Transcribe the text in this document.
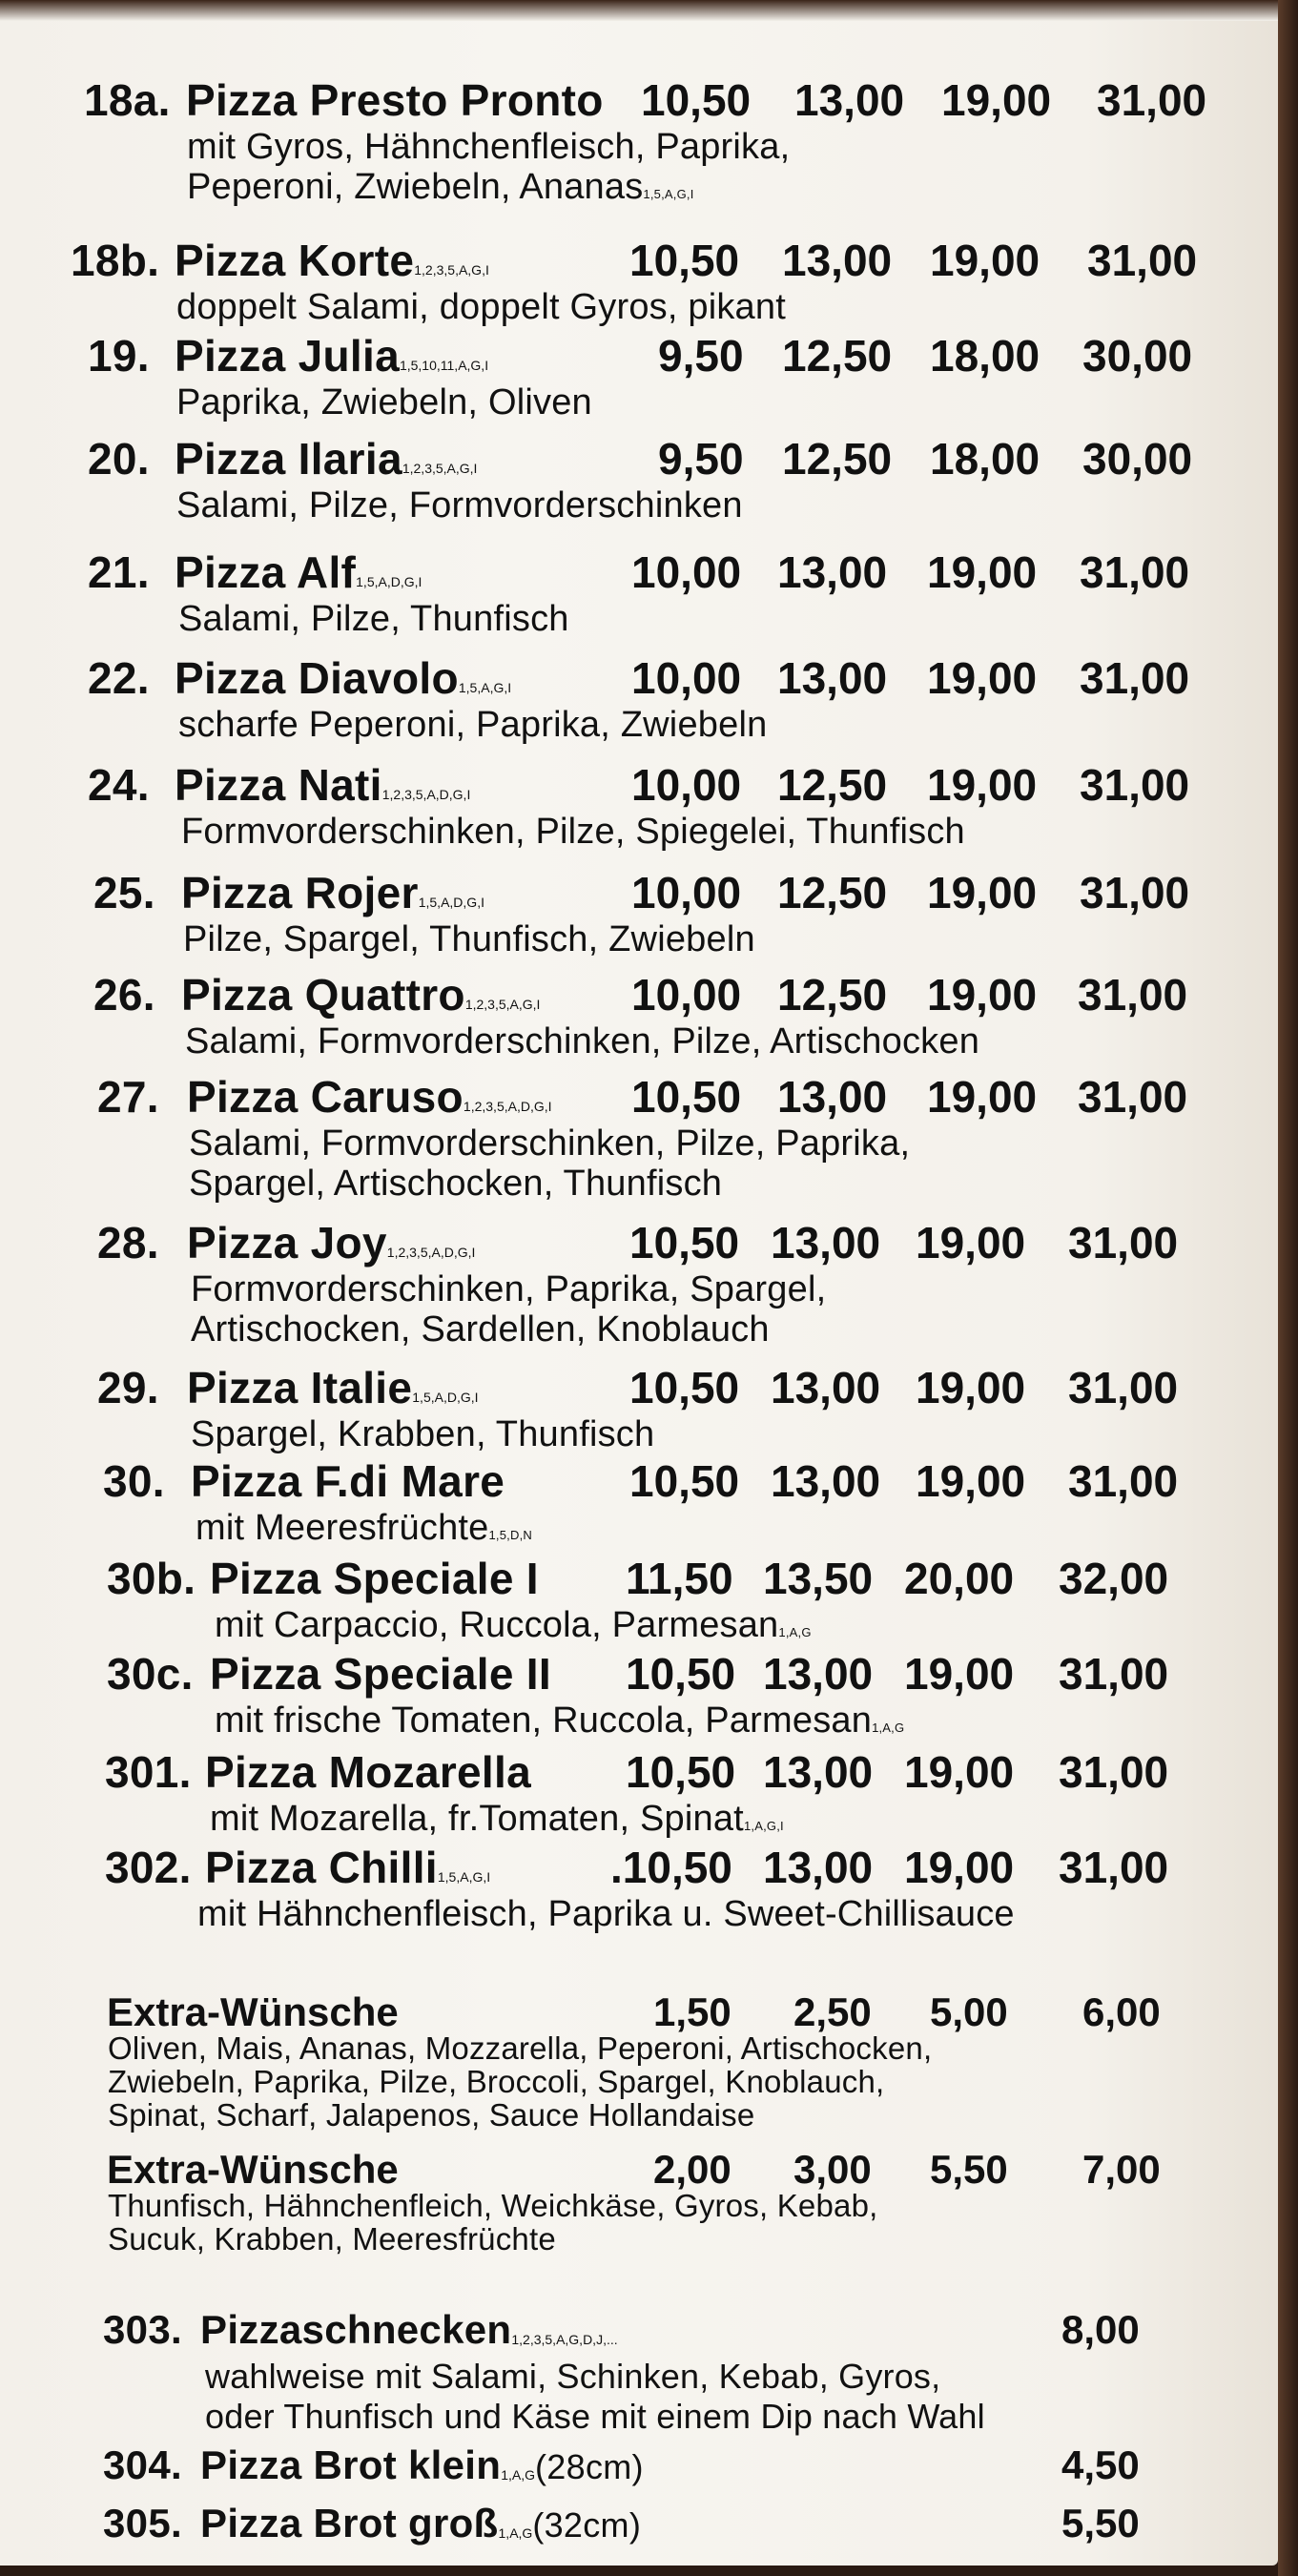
18a. Pizza Presto Pronto 10,50 13,00 19,00 31,00
mit Gyros, Hähnchenfleisch, Paprika,
Peperoni, Zwiebeln, Ananas$^{1,5,A,G,I}$
18b. Pizza Korte$^{1,2,3,5,A,G,I}$	10,50 13,00 19,00 31,00
doppelt Salami, doppelt Gyros, pikant
19. Pizza Julia$^{1,5,10,11,A,G,I}$	9,50 12,50 18,00 30,00
Paprika, Zwiebeln, Oliven
20. Pizza Ilaria$^{1,2,3,5,A,G,I}$	9,50 12,50 18,00 30,00
Salami, Pilze, Formvorderschinken
21. Pizza Alf$^{1,5,A,D,G,I}$	10,00 13,00 19,00 31,00
Salami, Pilze, Thunfisch
22. Pizza Diavolo$^{1,5,A,G,I}$	10,00 13,00 19,00 31,00
scharfe Peperoni, Paprika, Zwiebeln
24. Pizza Nati$^{1,2,3,5,A,D,G,I}$	10,00 12,50 19,00 31,00
Formvorderschinken, Pilze, Spiegelei, Thunfisch
25. Pizza Rojer$^{1,5,A,D,G,I}$	10,00 12,50 19,00 31,00
Pilze, Spargel, Thunfisch, Zwiebeln
26. Pizza Quattro$^{1,2,3,5,A,G,I}$ 10,00 12,50 19,00 31,00
Salami, Formvorderschinken, Pilze, Artischocken
27. Pizza Caruso$^{1,2,3,5,A,D,G,I}$ 10,50 13,00 19,00 31,00
Salami, Formvorderschinken, Pilze, Paprika,
Spargel, Artischocken, Thunfisch
28. Pizza Joy$^{1,2,3,5,A,D,G,I}$	10,50 13,00 19,00 31,00
Formvorderschinken, Paprika, Spargel,
Artischocken, Sardellen, Knoblauch
29. Pizza Italie$^{1,5,A,D,G,I}$	10,50 13,00 19,00 31,00
Spargel, Krabben, Thunfisch
30. Pizza F.di Mare	10,50 13,00 19,00 31,00
mit Meeresfrüchte$^{1,5,D,N}$
30b. Pizza Speciale I 11,50 13,50 20,00 32,00
mit Carpaccio, Ruccola, Parmesan$^{1,A,G}$
30c. Pizza Speciale II 10,50 13,00 19,00 31,00
mit frische Tomaten, Ruccola, Parmesan$^{1,A,G}$
301. Pizza Mozarella 10,50 13,00 19,00 31,00
mit Mozarella, fr.Tomaten, Spinat$^{1,A,G,I}$
302. Pizza Chilli$^{1,5,A,G,I}$	.10,50 13,00 19,00 31,00
mit Hähnchenfleisch, Paprika u. Sweet-Chillisauce
Extra-Wünsche	1,50 2,50 5,00 6,00
Oliven, Mais, Ananas, Mozzarella, Peperoni, Artischocken,
Zwiebeln, Paprika, Pilze, Broccoli, Spargel, Knoblauch,
Spinat, Scharf, Jalapenos, Sauce Hollandaise
Extra-Wünsche	2,00 3,00 5,50 7,00
Thunfisch, Hähnchenfleich, Weichkäse, Gyros, Kebab,
Sucuk, Krabben, Meeresfrüchte
303. Pizzaschnecken$^{1,2,3,5,A,G,D,J,...}$	8,00
wahlweise mit Salami, Schinken, Kebab, Gyros,
oder Thunfisch und Käse mit einem Dip nach Wahl
304. Pizza Brot klein$^{1,A,G}$(28cm)	4,50
305. Pizza Brot groß$^{1,A,G}$(32cm)	5,50
